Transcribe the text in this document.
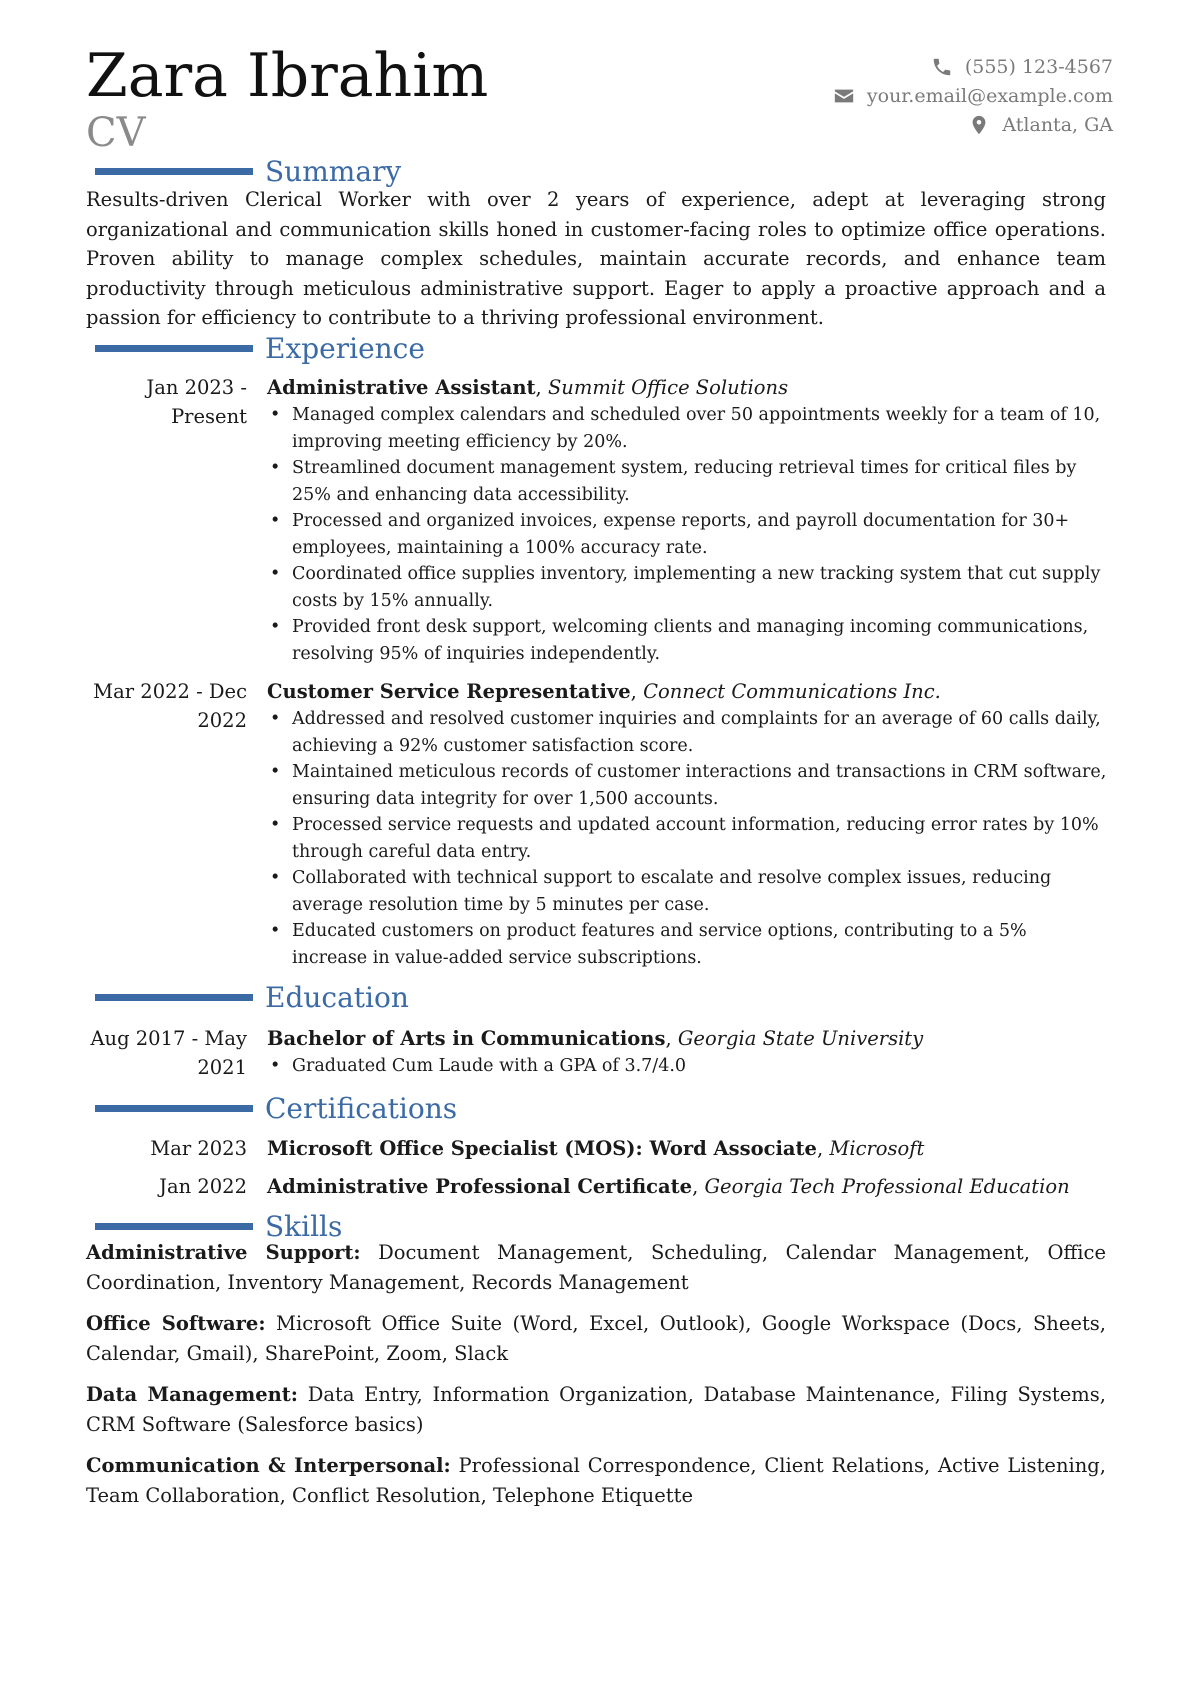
Zara Ibrahim
CV
(555) 123-4567
your.email@example.com
Atlanta, GA
Summary
Results-driven Clerical Worker with over 2 years of experience, adept at leveraging strong organizational and communication skills honed in customer-facing roles to optimize office operations. Proven ability to manage complex schedules, maintain accurate records, and enhance team productivity through meticulous administrative support. Eager to apply a proactive approach and a passion for efficiency to contribute to a thriving professional environment.
Experience
Jan 2023 - Present
Administrative Assistant, Summit Office Solutions
• Managed complex calendars and scheduled over 50 appointments weekly for a team of 10, improving meeting efficiency by 20%.
• Streamlined document management system, reducing retrieval times for critical files by 25% and enhancing data accessibility.
• Processed and organized invoices, expense reports, and payroll documentation for 30+ employees, maintaining a 100% accuracy rate.
• Coordinated office supplies inventory, implementing a new tracking system that cut supply costs by 15% annually.
• Provided front desk support, welcoming clients and managing incoming communications, resolving 95% of inquiries independently.
Mar 2022 - Dec 2022
Customer Service Representative, Connect Communications Inc.
• Addressed and resolved customer inquiries and complaints for an average of 60 calls daily, achieving a 92% customer satisfaction score.
• Maintained meticulous records of customer interactions and transactions in CRM software, ensuring data integrity for over 1,500 accounts.
• Processed service requests and updated account information, reducing error rates by 10% through careful data entry.
• Collaborated with technical support to escalate and resolve complex issues, reducing average resolution time by 5 minutes per case.
• Educated customers on product features and service options, contributing to a 5% increase in value-added service subscriptions.
Education
Aug 2017 - May 2021
Bachelor of Arts in Communications, Georgia State University
• Graduated Cum Laude with a GPA of 3.7/4.0
Certifications
Mar 2023 Microsoft Office Specialist (MOS): Word Associate, Microsoft
Jan 2022 Administrative Professional Certificate, Georgia Tech Professional Education
Skills
Administrative Support: Document Management, Scheduling, Calendar Management, Office Coordination, Inventory Management, Records Management
Office Software: Microsoft Office Suite (Word, Excel, Outlook), Google Workspace (Docs, Sheets, Calendar, Gmail), SharePoint, Zoom, Slack
Data Management: Data Entry, Information Organization, Database Maintenance, Filing Systems, CRM Software (Salesforce basics)
Communication & Interpersonal: Professional Correspondence, Client Relations, Active Listening, Team Collaboration, Conflict Resolution, Telephone Etiquette
